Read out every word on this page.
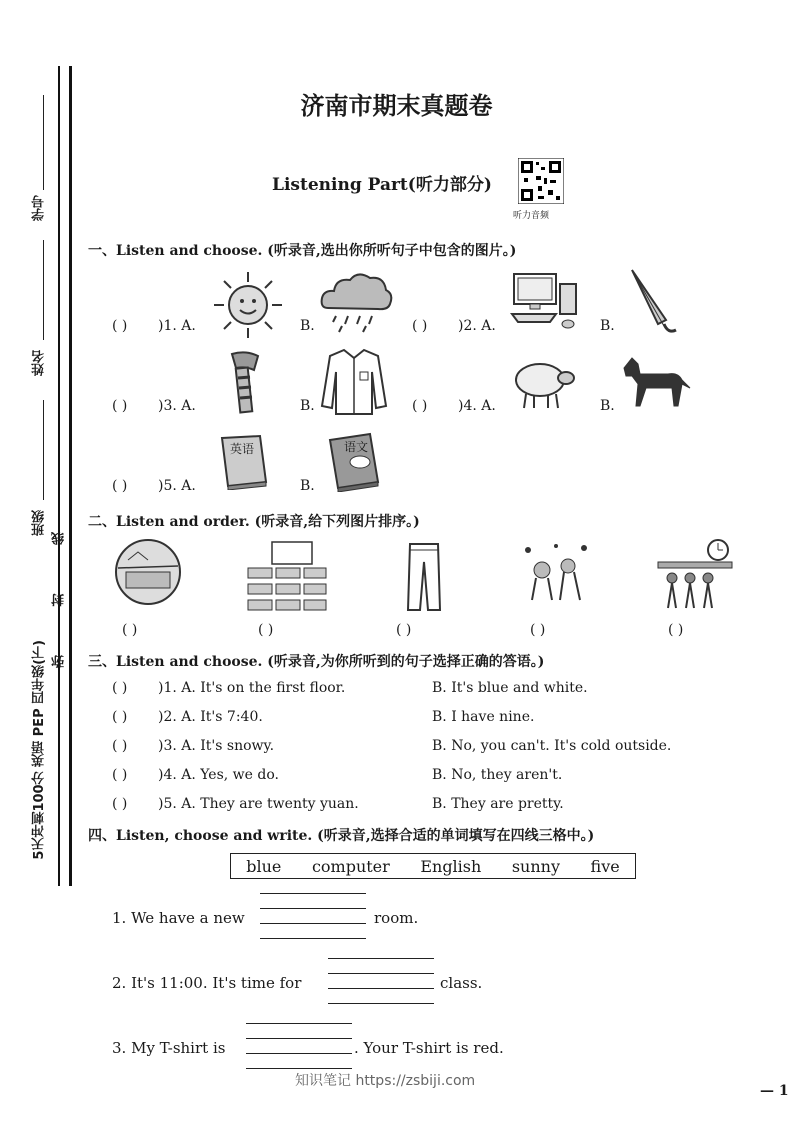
学号
姓名
班级 弥 封 线
5天冲刺100分 英语 PEP 四年级(下)
济南市期末真题卷
Listening Part(听力部分)
听力音频
一、Listen and choose. (听录音,选出你所听句子中包含的图片。)
( ) )1. A.	B.	( ) )2. A.	B.
( ) )3. A.	B.	( ) )4. A.	B.
( ) )5. A.
英语
B.
语文
二、Listen and order. (听录音,给下列图片排序。)
( )	( )	( )	( )	( )
三、Listen and choose. (听录音,为你所听到的句子选择正确的答语。)
( ) )1. A. It's on the first floor.	B. It's blue and white.
( ) )2. A. It's 7:40.	B. I have nine.
( ) )3. A. It's snowy.	B. No, you can't. It's cold outside.
( ) )4. A. Yes, we do.	B. No, they aren't.
( ) )5. A. They are twenty yuan.	B. They are pretty.
四、Listen, choose and write. (听录音,选择合适的单词填写在四线三格中。)
blue computer English sunny five
1. We have a new	room.
2. It's 11:00. It's time for	class.
3. My T-shirt is	. Your T-shirt is red.
知识笔记 https://zsbiji.com
— 1
